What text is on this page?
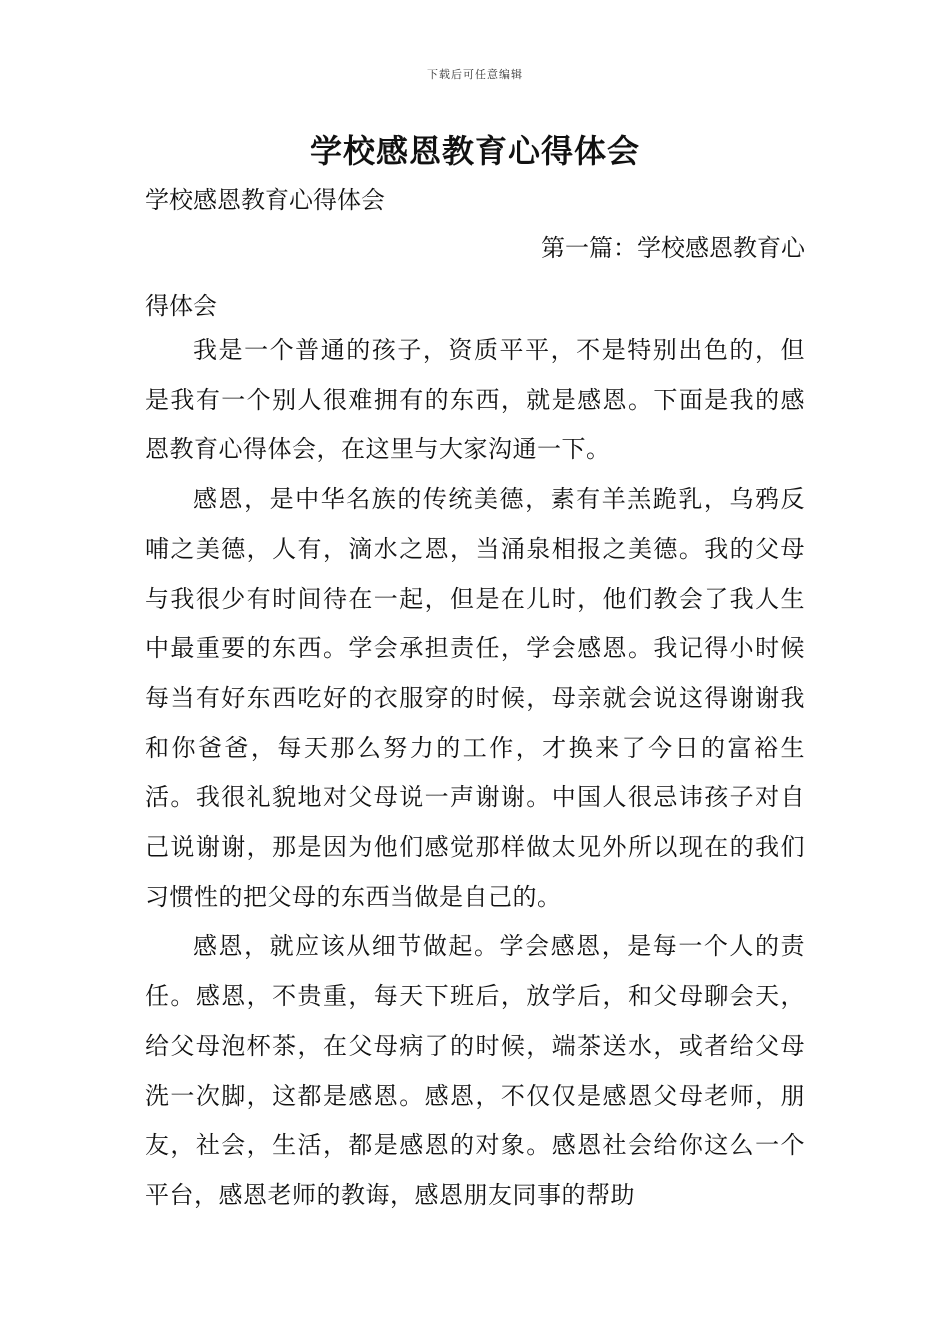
下载后可任意编辑
学校感恩教育心得体会

学校感恩教育心得体会

第一篇：学校感恩教育心
得体会

我是一个普通的孩子，资质平平，不是特别出色的，但是我有一个别人很难拥有的东西，就是感恩。下面是我的感恩教育心得体会，在这里与大家沟通一下。

感恩，是中华名族的传统美德，素有羊羔跪乳，乌鸦反哺之美德，人有，滴水之恩，当涌泉相报之美德。我的父母与我很少有时间待在一起，但是在儿时，他们教会了我人生中最重要的东西。学会承担责任，学会感恩。我记得小时候每当有好东西吃好的衣服穿的时候，母亲就会说这得谢谢我和你爸爸，每天那么努力的工作，才换来了今日的富裕生活。我很礼貌地对父母说一声谢谢。中国人很忌讳孩子对自己说谢谢，那是因为他们感觉那样做太见外所以现在的我们习惯性的把父母的东西当做是自己的。

感恩，就应该从细节做起。学会感恩，是每一个人的责任。感恩，不贵重，每天下班后，放学后，和父母聊会天，给父母泡杯茶，在父母病了的时候，端茶送水，或者给父母洗一次脚，这都是感恩。感恩，不仅仅是感恩父母老师，朋友，社会，生活，都是感恩的对象。感恩社会给你这么一个平台，感恩老师的教诲，感恩朋友同事的帮助
